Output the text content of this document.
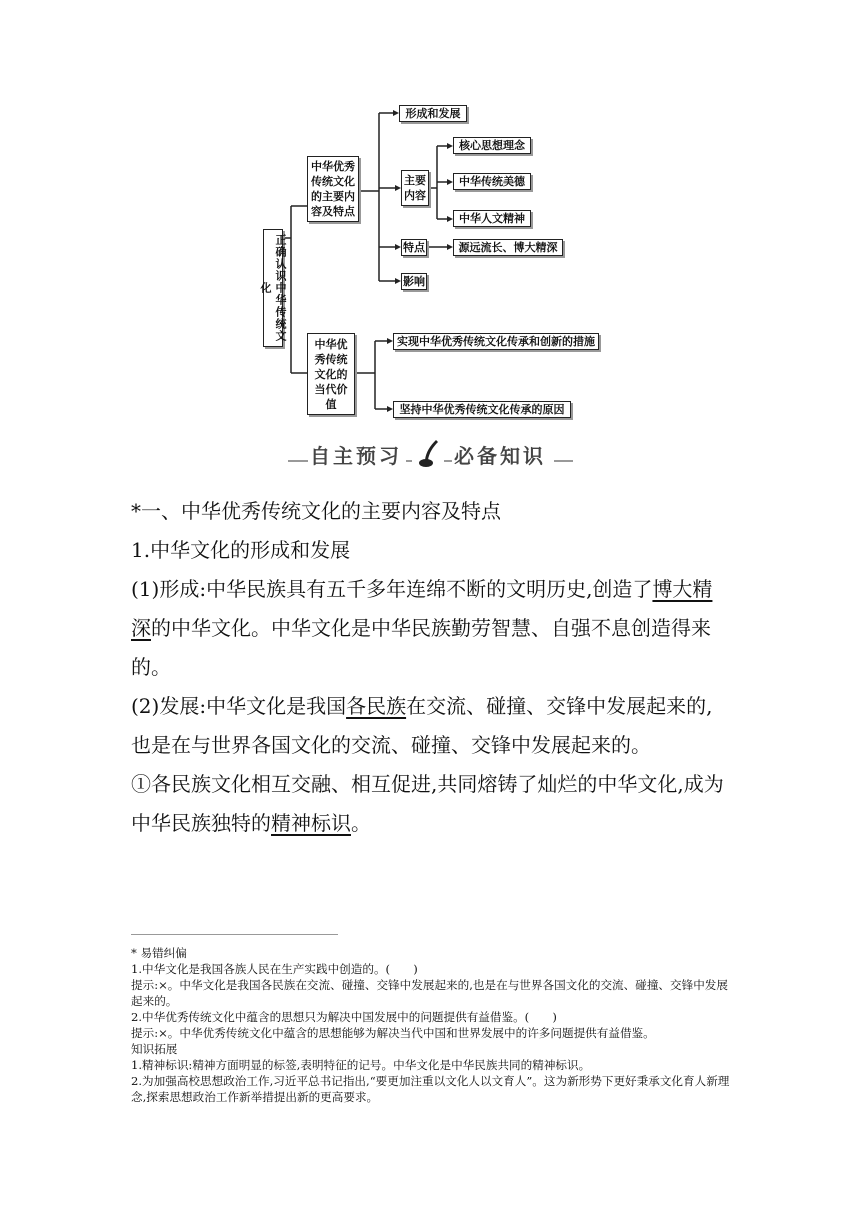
正确认识中华传统文化
中华优秀传统文化的主要内容及特点
形成和发展
主要内容
核心思想理念
中华传统美德
中华人文精神
特点	源远流长、博大精深
影响
中华优秀传统文化的当代价值
实现中华优秀传统文化传承和创新的措施
坚持中华优秀传统文化传承的原因
自主预习	必备知识

*一、中华优秀传统文化的主要内容及特点

1.中华文化的形成和发展

(1)形成:中华民族具有五千多年连绵不断的文明历史,创造了博大精深的中华文化。中华文化是中华民族勤劳智慧、自强不息创造得来的。

(2)发展:中华文化是我国各民族在交流、碰撞、交锋中发展起来的,也是在与世界各国文化的交流、碰撞、交锋中发展起来的。

①各民族文化相互交融、相互促进,共同熔铸了灿烂的中华文化,成为中华民族独特的精神标识。

* 易错纠偏

1.中华文化是我国各族人民在生产实践中创造的。(　　)

提示:×。中华文化是我国各民族在交流、碰撞、交锋中发展起来的,也是在与世界各国文化的交流、碰撞、交锋中发展起来的。

2.中华优秀传统文化中蕴含的思想只为解决中国发展中的问题提供有益借鉴。(　　)

提示:×。中华优秀传统文化中蕴含的思想能够为解决当代中国和世界发展中的许多问题提供有益借鉴。

知识拓展

1.精神标识:精神方面明显的标签,表明特征的记号。中华文化是中华民族共同的精神标识。

2.为加强高校思想政治工作,习近平总书记指出,“要更加注重以文化人以文育人”。这为新形势下更好秉承文化育人新理念,探索思想政治工作新举措提出新的更高要求。
